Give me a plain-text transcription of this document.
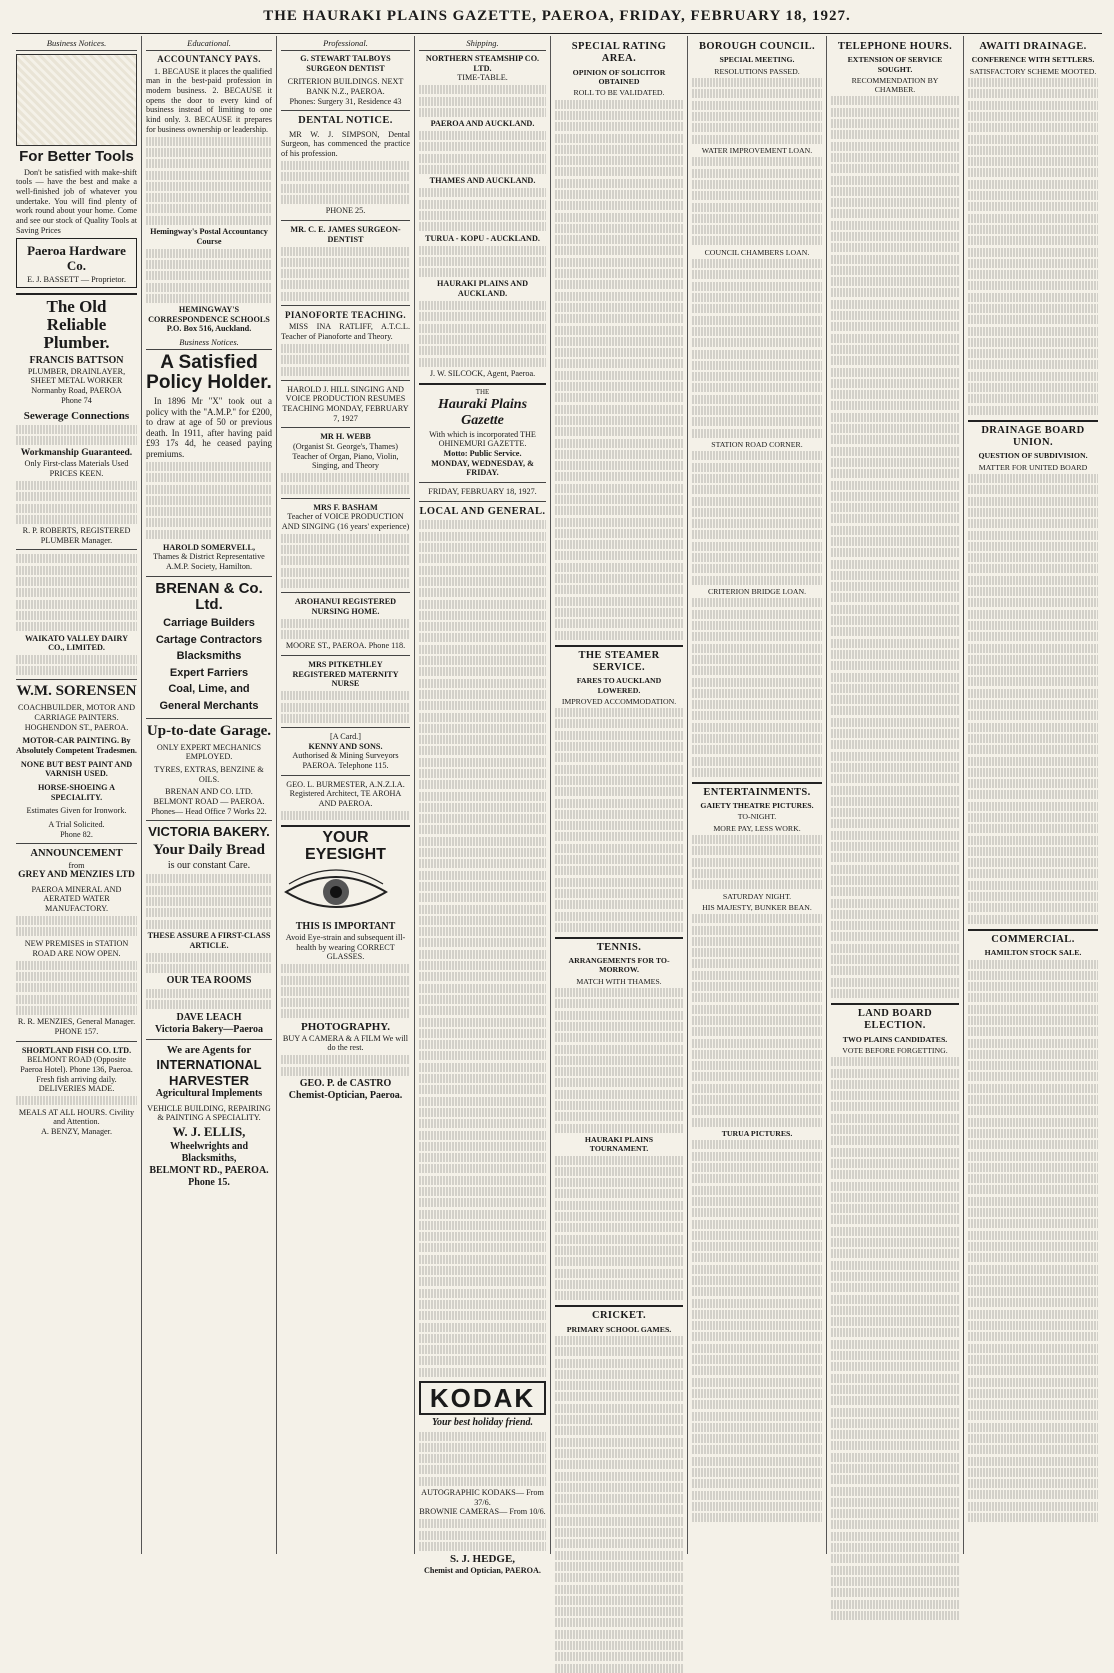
THE HAURAKI PLAINS GAZETTE, PAEROA, FRIDAY, FEBRUARY 18, 1927.
Business Notices.
For Better Tools

Don't be satisfied with make-shift tools — have the best and make a well-finished job of whatever you undertake. You will find plenty of work round about your home. Come and see our stock of Quality Tools at Saving Prices

Paeroa Hardware Co.
E. J. BASSETT — Proprietor.
The Old Reliable Plumber.
FRANCIS BATTSON
PLUMBER, DRAINLAYER, SHEET METAL WORKER
Normanby Road, PAEROA
Phone 74
Sewerage Connections
Workmanship Guaranteed.
Only First-class Materials Used PRICES KEEN.
R. P. ROBERTS, REGISTERED PLUMBER Manager.
WAIKATO VALLEY DAIRY CO., LIMITED.
W.M. SORENSEN
COACHBUILDER, MOTOR AND CARRIAGE PAINTERS. HOGHENDON ST., PAEROA.
MOTOR-CAR PAINTING. By Absolutely Competent Tradesmen.
NONE BUT BEST PAINT AND VARNISH USED.
HORSE-SHOEING A SPECIALITY.
Estimates Given for Ironwork.
A Trial Solicited.
Phone 82.
ANNOUNCEMENT
from
GREY AND MENZIES LTD
PAEROA MINERAL AND AERATED WATER MANUFACTORY.
NEW PREMISES in STATION ROAD ARE NOW OPEN.
R. R. MENZIES, General Manager.
PHONE 157.
SHORTLAND FISH CO. LTD.
BELMONT ROAD (Opposite Paeroa Hotel). Phone 136, Paeroa.
Fresh fish arriving daily. DELIVERIES MADE.
MEALS AT ALL HOURS. Civility and Attention.
A. BENZY, Manager.
Educational.
ACCOUNTANCY PAYS.

1. BECAUSE it places the qualified man in the best-paid profession in modern business. 2. BECAUSE it opens the door to every kind of business instead of limiting to one kind only. 3. BECAUSE it prepares for business ownership or leadership.

Hemingway's Postal Accountancy Course
HEMINGWAY'S CORRESPONDENCE SCHOOLS P.O. Box 516, Auckland.
Business Notices.
A Satisfied Policy Holder.

In 1896 Mr "X" took out a policy with the "A.M.P." for £200, to draw at age of 50 or previous death. In 1911, after having paid £93 17s 4d, he ceased paying premiums.

HAROLD SOMERVELL,
Thames & District Representative A.M.P. Society, Hamilton.
BRENAN & Co. Ltd.
Carriage Builders
Cartage Contractors
Blacksmiths
Expert Farriers
Coal, Lime, and
General Merchants
Up-to-date Garage.
ONLY EXPERT MECHANICS EMPLOYED.
TYRES, EXTRAS, BENZINE & OILS.
BRENAN AND CO. LTD. BELMONT ROAD — PAEROA.
Phones— Head Office 7 Works 22.
VICTORIA BAKERY.
Your Daily Bread
is our constant Care.
THESE ASSURE A FIRST-CLASS ARTICLE.
OUR TEA ROOMS
DAVE LEACH
Victoria Bakery—Paeroa
We are Agents for
INTERNATIONAL HARVESTER
Agricultural Implements
VEHICLE BUILDING, REPAIRING & PAINTING A SPECIALITY.
W. J. ELLIS,
Wheelwrights and Blacksmiths,
BELMONT RD., PAEROA.
Phone 15.
Professional.
G. STEWART TALBOYS SURGEON DENTIST
CRITERION BUILDINGS. NEXT BANK N.Z., PAEROA.
Phones: Surgery 31, Residence 43
DENTAL NOTICE.

MR W. J. SIMPSON, Dental Surgeon, has commenced the practice of his profession.

PHONE 25.
MR. C. E. JAMES SURGEON-DENTIST
PIANOFORTE TEACHING.

MISS INA RATLIFF, A.T.C.L. Teacher of Pianoforte and Theory.

HAROLD J. HILL SINGING AND VOICE PRODUCTION RESUMES TEACHING MONDAY, FEBRUARY 7, 1927
MR H. WEBB
(Organist St. George's, Thames) Teacher of Organ, Piano, Violin, Singing, and Theory
MRS F. BASHAM
Teacher of VOICE PRODUCTION AND SINGING (16 years' experience)
AROHANUI REGISTERED NURSING HOME.
MOORE ST., PAEROA. Phone 118.
MRS PITKETHLEY REGISTERED MATERNITY NURSE
[A Card.]
KENNY AND SONS.
Authorised & Mining Surveyors PAEROA. Telephone 115.
GEO. L. BURMESTER, A.N.Z.I.A. Registered Architect, TE AROHA AND PAEROA.
YOUR EYESIGHT
THIS IS IMPORTANT
Avoid Eye-strain and subsequent ill-health by wearing CORRECT GLASSES.
PHOTOGRAPHY.
BUY A CAMERA & A FILM We will do the rest.
GEO. P. de CASTRO
Chemist-Optician, Paeroa.
Shipping.
NORTHERN STEAMSHIP CO. LTD.
TIME-TABLE.
PAEROA AND AUCKLAND.
THAMES AND AUCKLAND.
TURUA - KOPU - AUCKLAND.
HAURAKI PLAINS AND AUCKLAND.
J. W. SILCOCK, Agent, Paeroa.
THE
Hauraki Plains Gazette
With which is incorporated THE OHINEMURI GAZETTE.
Motto: Public Service.
MONDAY, WEDNESDAY, & FRIDAY.
FRIDAY, FEBRUARY 18, 1927.
LOCAL AND GENERAL.
KODAK
Your best holiday friend.
AUTOGRAPHIC KODAKS— From 37/6.
BROWNIE CAMERAS— From 10/6.
S. J. HEDGE,
Chemist and Optician, PAEROA.
SPECIAL RATING AREA.
OPINION OF SOLICITOR OBTAINED
ROLL TO BE VALIDATED.
THE STEAMER SERVICE.
FARES TO AUCKLAND LOWERED.
IMPROVED ACCOMMODATION.
TENNIS.
ARRANGEMENTS FOR TO-MORROW.
MATCH WITH THAMES.
HAURAKI PLAINS TOURNAMENT.
CRICKET.
PRIMARY SCHOOL GAMES.
BOROUGH COUNCIL.
SPECIAL MEETING.
RESOLUTIONS PASSED.
WATER IMPROVEMENT LOAN.
COUNCIL CHAMBERS LOAN.
STATION ROAD CORNER.
CRITERION BRIDGE LOAN.
ENTERTAINMENTS.
GAIETY THEATRE PICTURES.
TO-NIGHT.
MORE PAY, LESS WORK.
SATURDAY NIGHT.
HIS MAJESTY, BUNKER BEAN.
TURUA PICTURES.
TELEPHONE HOURS.
EXTENSION OF SERVICE SOUGHT.
RECOMMENDATION BY CHAMBER.
LAND BOARD ELECTION.
TWO PLAINS CANDIDATES.
VOTE BEFORE FORGETTING.
AWAITI DRAINAGE.
CONFERENCE WITH SETTLERS.
SATISFACTORY SCHEME MOOTED.
DRAINAGE BOARD UNION.
QUESTION OF SUBDIVISION.
MATTER FOR UNITED BOARD
COMMERCIAL.
HAMILTON STOCK SALE.
